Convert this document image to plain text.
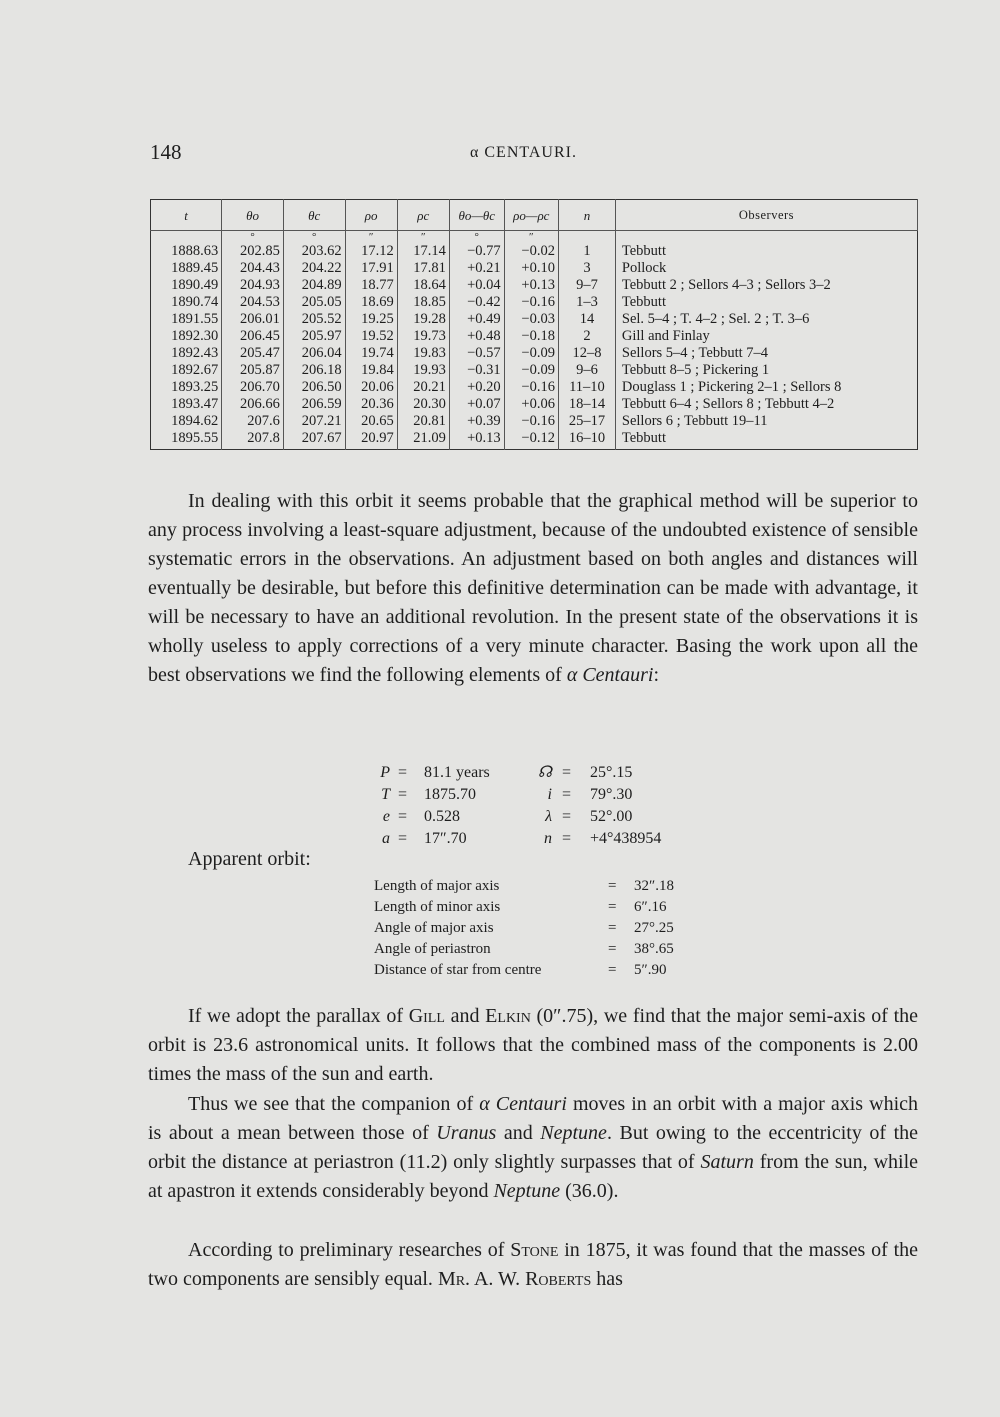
148	α CENTAURI.
t	θo	θc	ρo	ρc	θo—θc	ρo—ρc	n	Observers
	°	°	″	″	°	″		
1888.63	202.85	203.62	17.12	17.14	−0.77	−0.02	1	Tebbutt
1889.45	204.43	204.22	17.91	17.81	+0.21	+0.10	3	Pollock
1890.49	204.93	204.89	18.77	18.64	+0.04	+0.13	9–7	Tebbutt 2 ; Sellors 4–3 ; Sellors 3–2
1890.74	204.53	205.05	18.69	18.85	−0.42	−0.16	1–3	Tebbutt
1891.55	206.01	205.52	19.25	19.28	+0.49	−0.03	14	Sel. 5–4 ; T. 4–2 ; Sel. 2 ; T. 3–6
1892.30	206.45	205.97	19.52	19.73	+0.48	−0.18	2	Gill and Finlay
1892.43	205.47	206.04	19.74	19.83	−0.57	−0.09	12–8	Sellors 5–4 ; Tebbutt 7–4
1892.67	205.87	206.18	19.84	19.93	−0.31	−0.09	9–6	Tebbutt 8–5 ; Pickering 1
1893.25	206.70	206.50	20.06	20.21	+0.20	−0.16	11–10	Douglass 1 ; Pickering 2–1 ; Sellors 8
1893.47	206.66	206.59	20.36	20.30	+0.07	+0.06	18–14	Tebbutt 6–4 ; Sellors 8 ; Tebbutt 4–2
1894.62	207.6	207.21	20.65	20.81	+0.39	−0.16	25–17	Sellors 6 ; Tebbutt 19–11
1895.55	207.8	207.67	20.97	21.09	+0.13	−0.12	16–10	Tebbutt

In dealing with this orbit it seems probable that the graphical method will be superior to any process involving a least-square adjustment, because of the undoubted existence of sensible systematic errors in the observations. An adjustment based on both angles and distances will eventually be desirable, but before this definitive determination can be made with advantage, it will be necessary to have an additional revolution. In the present state of the observations it is wholly useless to apply corrections of a very minute character. Basing the work upon all the best observations we find the following elements of α Centauri:

P = 81.1 years	☊ = 25°.15
T = 1875.70	i = 79°.30
e = 0.528	λ = 52°.00
a = 17″.70	n = +4°438954
Apparent orbit:
Length of major axis	= 32″.18
Length of minor axis	= 6″.16
Angle of major axis	= 27°.25
Angle of periastron	= 38°.65
Distance of star from centre	= 5″.90

If we adopt the parallax of Gill and Elkin (0″.75), we find that the major semi-axis of the orbit is 23.6 astronomical units. It follows that the combined mass of the components is 2.00 times the mass of the sun and earth.

Thus we see that the companion of α Centauri moves in an orbit with a major axis which is about a mean between those of Uranus and Neptune. But owing to the eccentricity of the orbit the distance at periastron (11.2) only slightly surpasses that of Saturn from the sun, while at apastron it extends considerably beyond Neptune (36.0).

According to preliminary researches of Stone in 1875, it was found that the masses of the two components are sensibly equal. Mr. A. W. Roberts has
